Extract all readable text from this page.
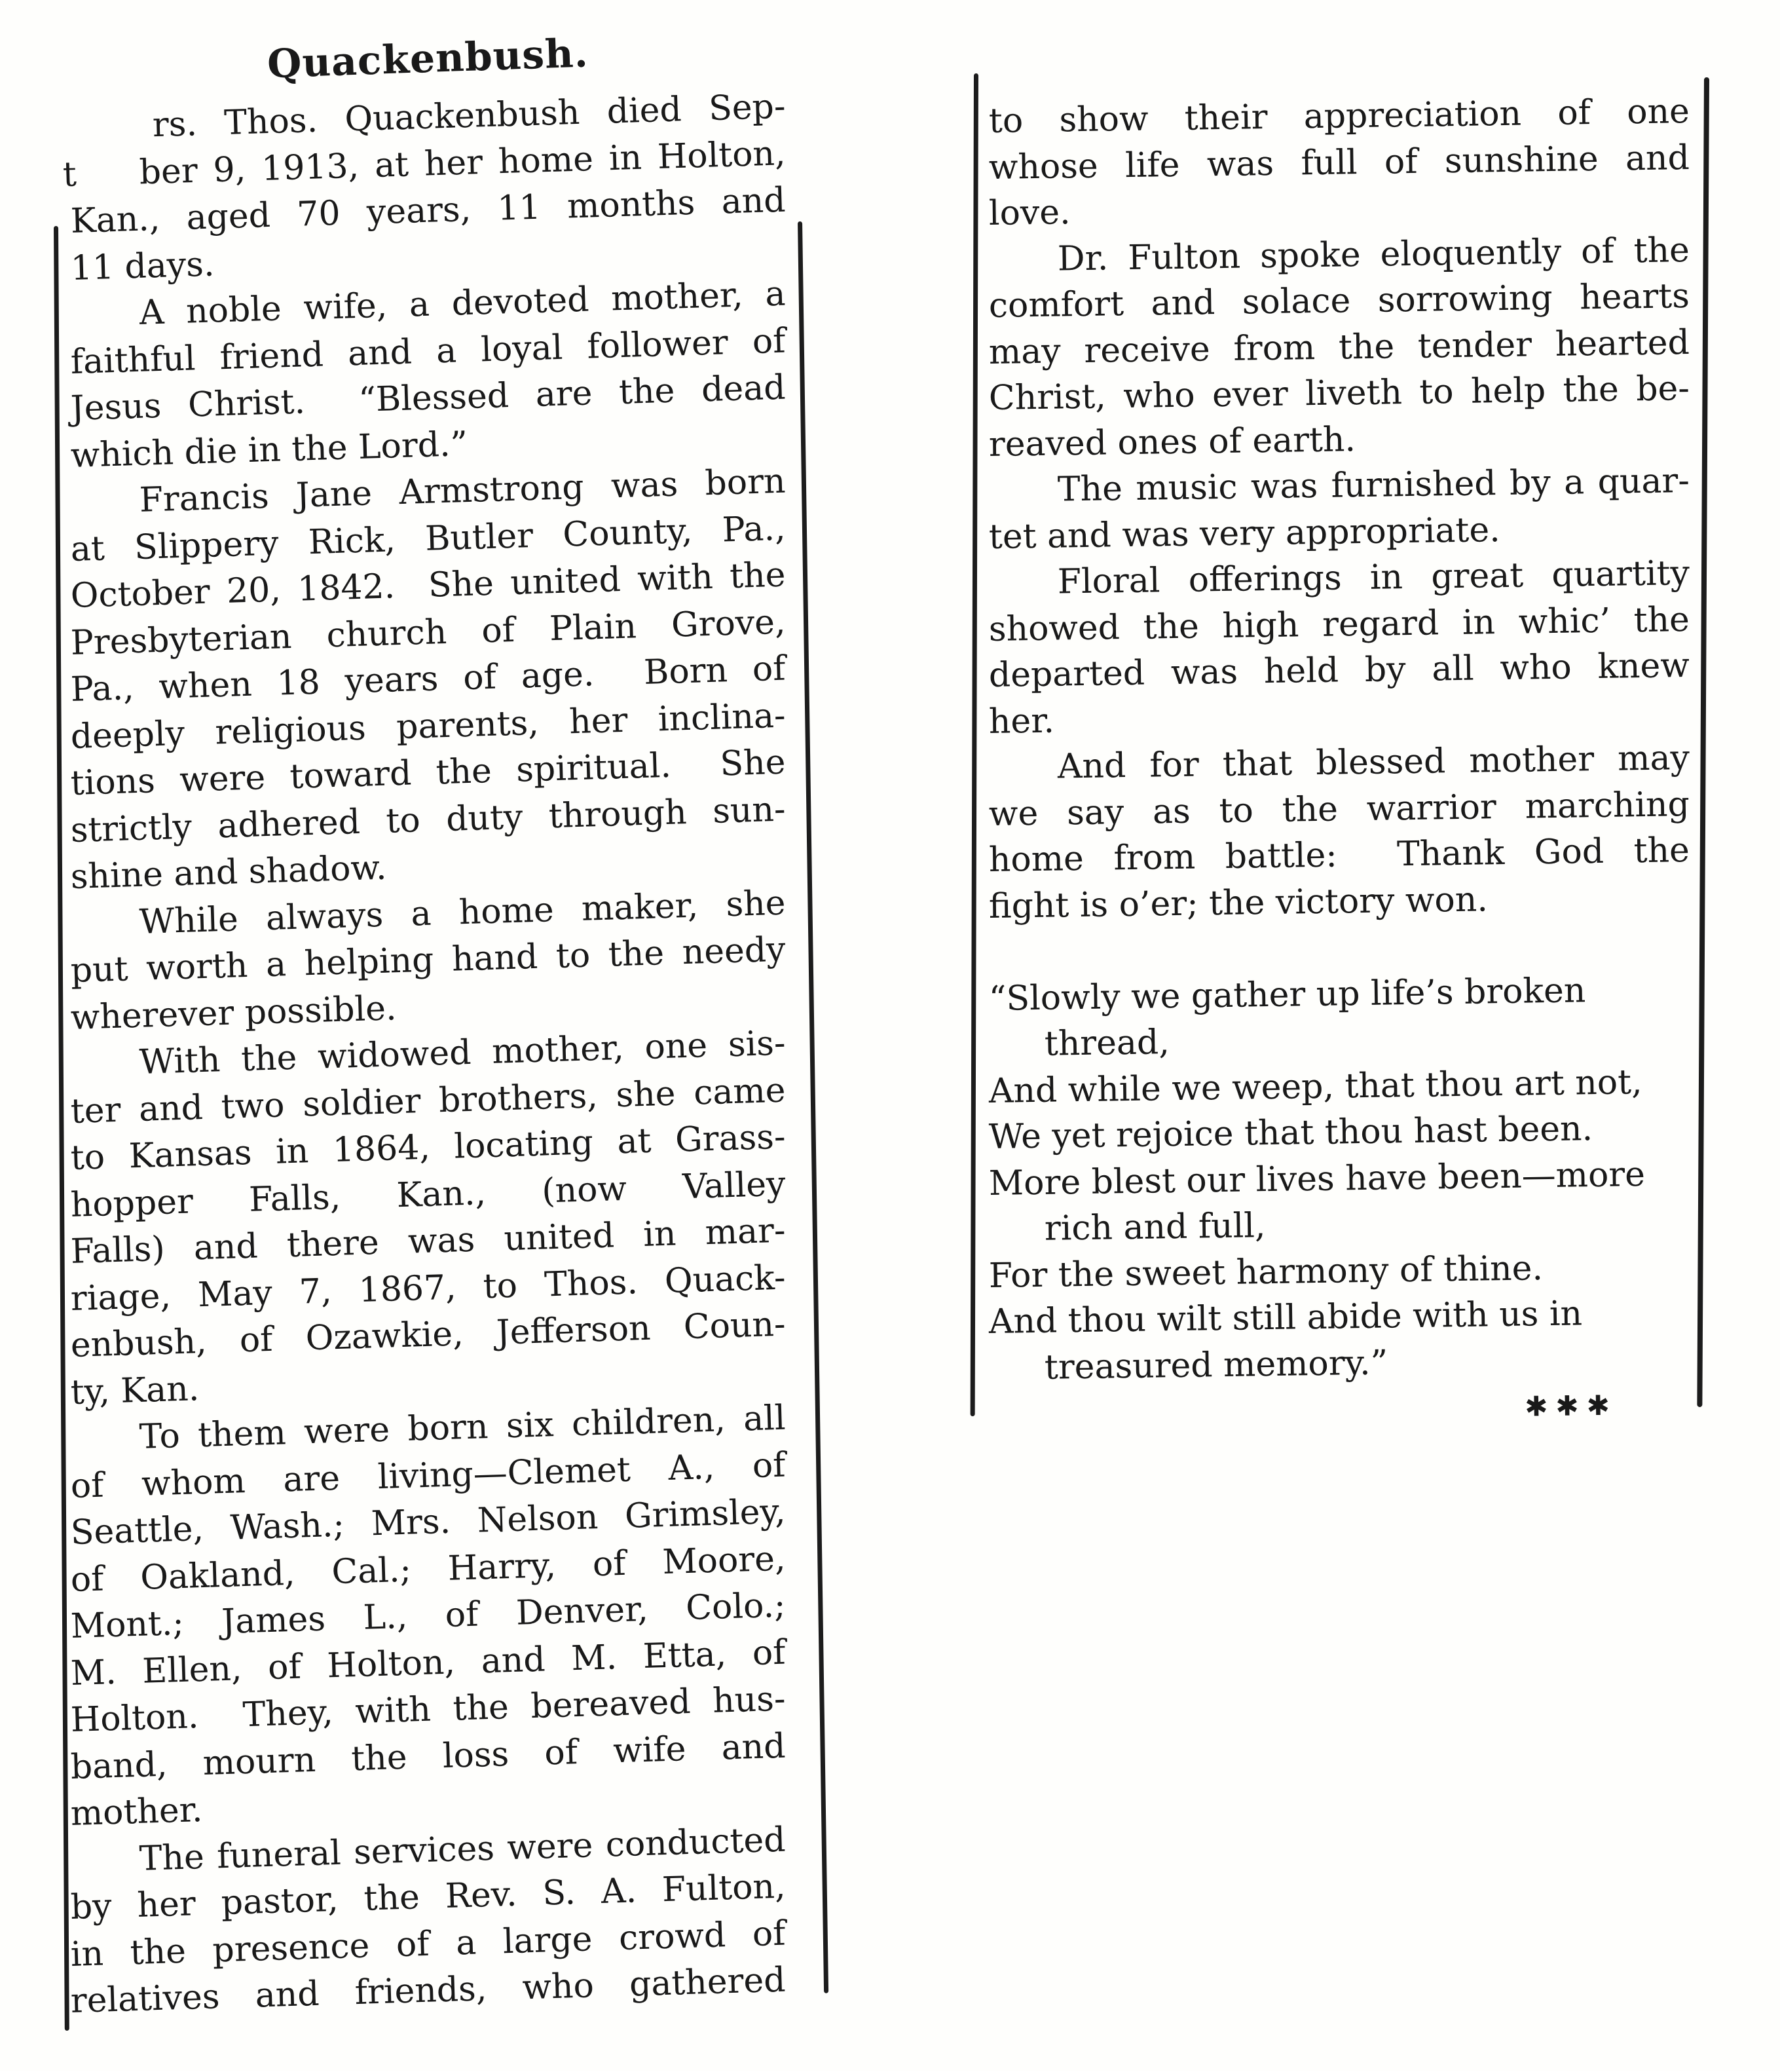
Quackenbush.
rs. Thos. Quackenbush died Sep-
t    ber 9, 1913, at her home in Holton,
Kan., aged 70 years, 11 months and
11 days.
A noble wife, a devoted mother, a
faithful friend and a loyal follower of
Jesus Christ.  “Blessed are the dead
which die in the Lord.”
Francis Jane Armstrong was born
at Slippery Rick, Butler County, Pa.,
October 20, 1842.  She united with the
Presbyterian church of Plain Grove,
Pa., when 18 years of age.  Born of
deeply religious parents, her inclina-
tions were toward the spiritual.  She
strictly adhered to duty through sun-
shine and shadow.
While always a home maker, she
put worth a helping hand to the needy
wherever possible.
With the widowed mother, one sis-
ter and two soldier brothers, she came
to Kansas in 1864, locating at Grass-
hopper Falls, Kan., (now Valley
Falls) and there was united in mar-
riage, May 7, 1867, to Thos. Quack-
enbush, of Ozawkie, Jefferson Coun-
ty, Kan.
To them were born six children, all
of whom are living—Clemet A., of
Seattle, Wash.; Mrs. Nelson Grimsley,
of Oakland, Cal.; Harry, of Moore,
Mont.; James L., of Denver, Colo.;
M. Ellen, of Holton, and M. Etta, of
Holton.  They, with the bereaved hus-
band, mourn the loss of wife and
mother.
The funeral services were conducted
by her pastor, the Rev. S. A. Fulton,
in the presence of a large crowd of
relatives and friends, who gathered
to show their appreciation of one
whose life was full of sunshine and
love.
Dr. Fulton spoke eloquently of the
comfort and solace sorrowing hearts
may receive from the tender hearted
Christ, who ever liveth to help the be-
reaved ones of earth.
The music was furnished by a quar-
tet and was very appropriate.
Floral offerings in great quartity
showed the high regard in whic’ the
departed was held by all who knew
her.
And for that blessed mother may
we say as to the warrior marching
home from battle:  Thank God the
fight is o’er; the victory won.
“Slowly we gather up life’s broken
thread,
And while we weep, that thou art not,
We yet rejoice that thou hast been.
More blest our lives have been—more
rich and full,
For the sweet harmony of thine.
And thou wilt still abide with us in
treasured memory.”
✱✱✱
